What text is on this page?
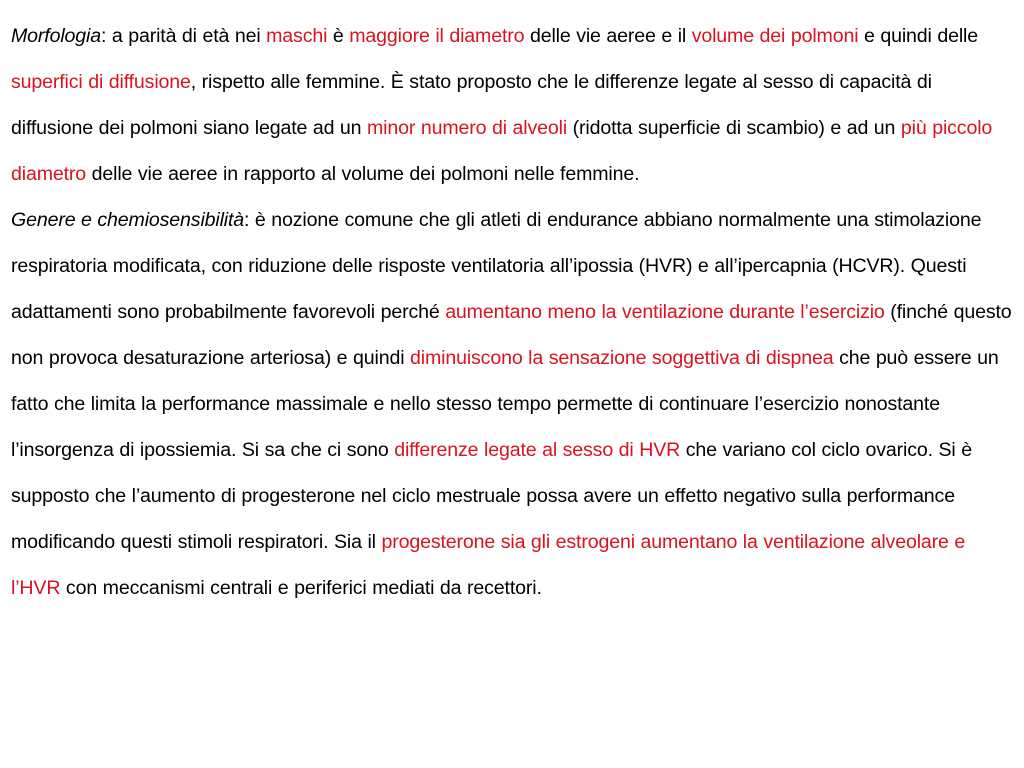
Morfologia: a parità di età nei maschi è maggiore il diametro delle vie aeree e il volume dei polmoni e quindi delle superfici di diffusione, rispetto alle femmine. È stato proposto che le differenze legate al sesso di capacità di diffusione dei polmoni siano legate ad un minor numero di alveoli (ridotta superficie di scambio) e ad un più piccolo diametro delle vie aeree in rapporto al volume dei polmoni nelle femmine.

Genere e chemiosensibilità: è nozione comune che gli atleti di endurance abbiano normalmente una stimolazione respiratoria modificata, con riduzione delle risposte ventilatoria all’ipossia (HVR) e all’ipercapnia (HCVR). Questi adattamenti sono probabilmente favorevoli perché aumentano meno la ventilazione durante l’esercizio (finché questo non provoca desaturazione arteriosa) e quindi diminuiscono la sensazione soggettiva di dispnea che può essere un fatto che limita la performance massimale e nello stesso tempo permette di continuare l’esercizio nonostante l’insorgenza di ipossiemia. Si sa che ci sono differenze legate al sesso di HVR che variano col ciclo ovarico. Si è supposto che l’aumento di progesterone nel ciclo mestruale possa avere un effetto negativo sulla performance modificando questi stimoli respiratori. Sia il progesterone sia gli estrogeni aumentano la ventilazione alveolare e l’HVR con meccanismi centrali e periferici mediati da recettori.
